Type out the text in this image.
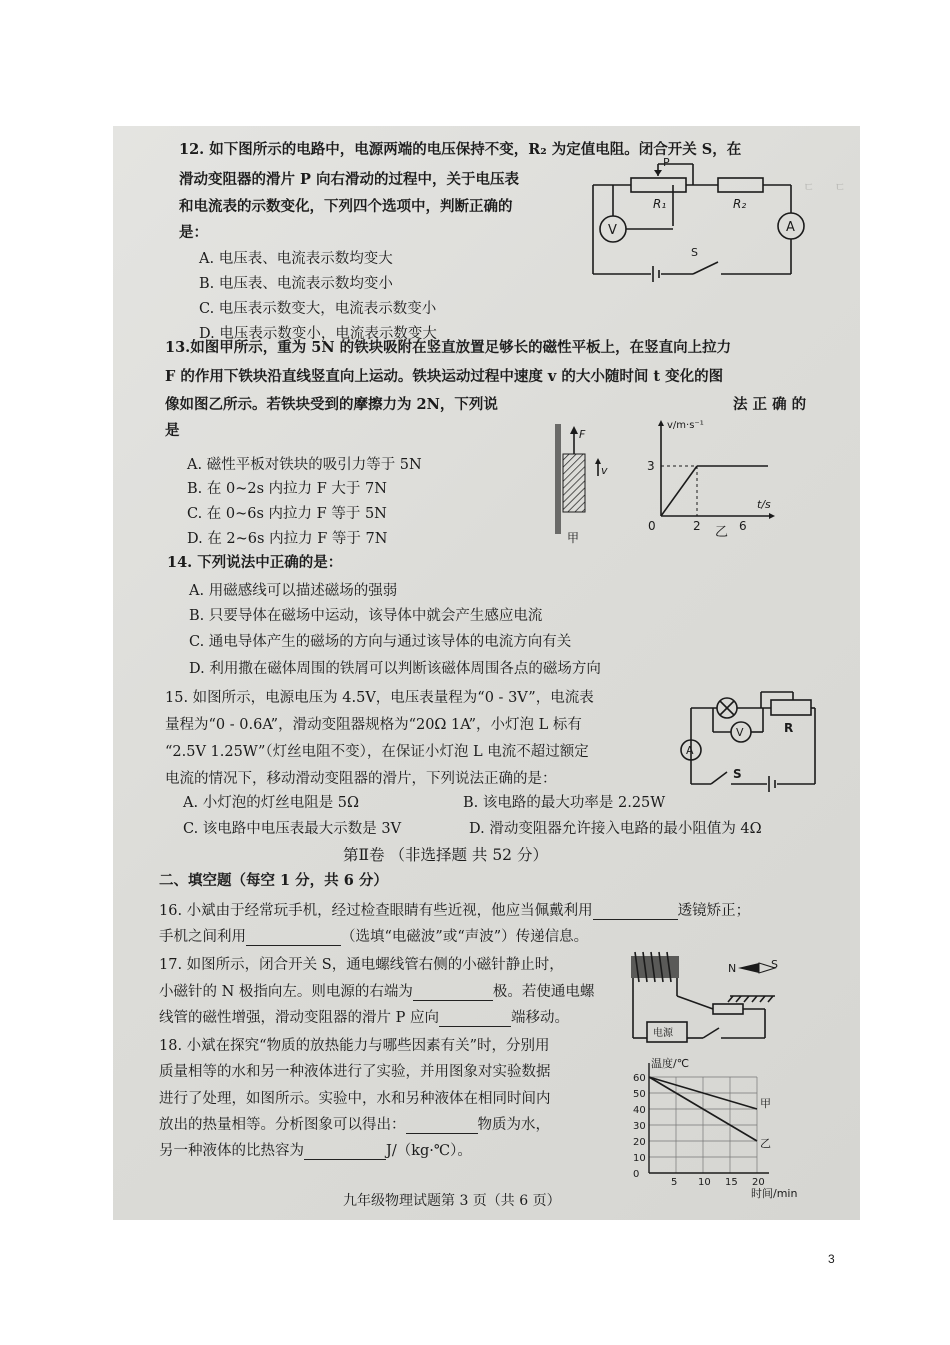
ㄷ 　 ㄷ
12. 如下图所示的电路中，电源两端的电压保持不变，R₂ 为定值电阻。闭合开关 S，在
滑动变阻器的滑片 P 向右滑动的过程中，关于电压表
和电流表的示数变化，下列四个选项中，判断正确的
是：
A. 电压表、电流表示数均变大
B. 电压表、电流表示数均变小
C. 电压表示数变大，电流表示数变小
D. 电压表示数变小，电流表示数变大
R₁
P
R₂
A
V
S
13.如图甲所示，重为 5N 的铁块吸附在竖直放置足够长的磁性平板上，在竖直向上拉力
F 的作用下铁块沿直线竖直向上运动。铁块运动过程中速度 v 的大小随时间 t 变化的图
像如图乙所示。若铁块受到的摩擦力为 2N，下列说	法 正 确 的
是
A. 磁性平板对铁块的吸引力等于 5N
B. 在 0~2s 内拉力 F 大于 7N
C. 在 0~6s 内拉力 F 等于 5N
D. 在 2~6s 内拉力 F 等于 7N
F
v
甲
v/m·s⁻¹
t/s
3
0	2	6
乙
14. 下列说法中正确的是：
A. 用磁感线可以描述磁场的强弱
B. 只要导体在磁场中运动，该导体中就会产生感应电流
C. 通电导体产生的磁场的方向与通过该导体的电流方向有关
D. 利用撒在磁体周围的铁屑可以判断该磁体周围各点的磁场方向
15. 如图所示，电源电压为 4.5V，电压表量程为“0 - 3V”，电流表
量程为“0 - 0.6A”，滑动变阻器规格为“20Ω 1A”，小灯泡 L 标有
“2.5V 1.25W”（灯丝电阻不变），在保证小灯泡 L 电流不超过额定
电流的情况下，移动滑动变阻器的滑片，下列说法正确的是：
A. 小灯泡的灯丝电阻是 5Ω	B. 该电路的最大功率是 2.25W
C. 该电路中电压表最大示数是 3V	D. 滑动变阻器允许接入电路的最小阻值为 4Ω
R
V
A
S
第Ⅱ卷 （非选择题 共 52 分）
二、填空题（每空 1 分，共 6 分）
16. 小斌由于经常玩手机，经过检查眼睛有些近视，他应当佩戴利用	透镜矫正；
手机之间利用	（选填“电磁波”或“声波”）传递信息。
17. 如图所示，闭合开关 S，通电螺线管右侧的小磁针静止时，
小磁针的 N 极指向左。则电源的右端为	极。若使通电螺
线管的磁性增强，滑动变阻器的滑片 P 应向	端移动。
N	S
电源
18. 小斌在探究“物质的放热能力与哪些因素有关”时，分别用
质量相等的水和另一种液体进行了实验，并用图象对实验数据
进行了处理，如图所示。实验中，水和另种液体在相同时间内
放出的热量相等。分析图象可以得出：	物质为水，
另一种液体的比热容为	J/（kg·℃）。
60
50
40
30
20
10
0
5 10 15 20
温度/℃
时间/min
甲
乙
九年级物理试题第 3 页（共 6 页）
3
